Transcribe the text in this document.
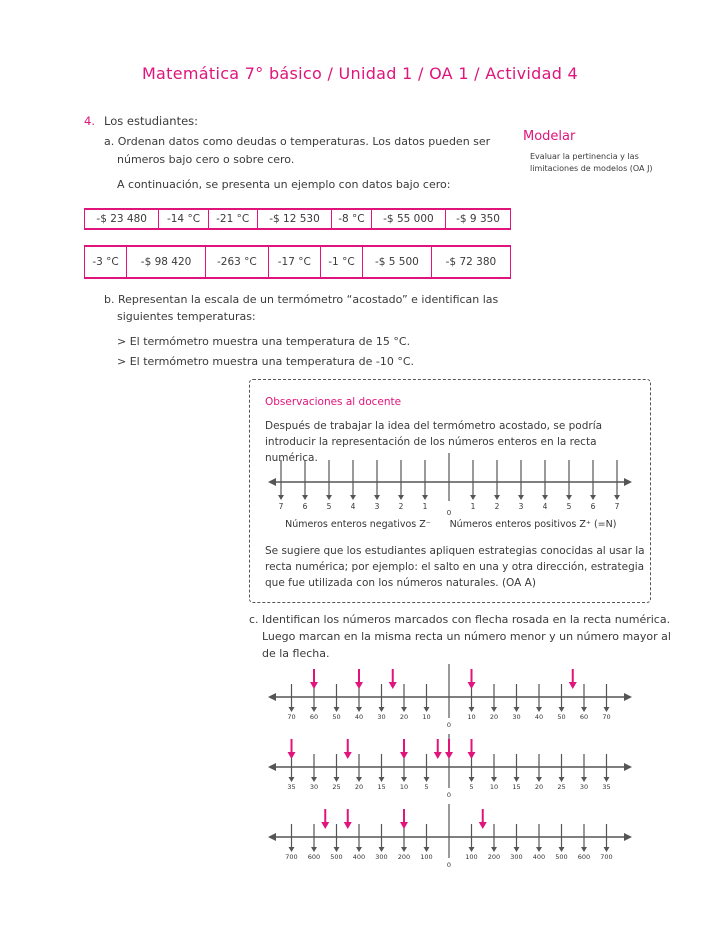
Matemática 7° básico / Unidad 1 / OA 1 / Actividad 4
4. Los estudiantes:
Modelar
Evaluar la pertinencia y las limitaciones de modelos (OA J)
a. Ordenan datos como deudas o temperaturas. Los datos pueden ser
números bajo cero o sobre cero.
A continuación, se presenta un ejemplo con datos bajo cero:
-$ 23 480	-14 °C	-21 °C	-$ 12 530	-8 °C	-$ 55 000	-$ 9 350
-3 °C	-$ 98 420	-263 °C	-17 °C	-1 °C	-$ 5 500	-$ 72 380
b. Representan la escala de un termómetro “acostado” e identifican las
siguientes temperaturas:
> El termómetro muestra una temperatura de 15 °C.
> El termómetro muestra una temperatura de -10 °C.
Observaciones al docente
Después de trabajar la idea del termómetro acostado, se podría introducir la representación de los números enteros en la recta numérica.
0
7	6	5	4	3	2	1	1	2	3	4	5	6	7
Números enteros negativos Z⁻ Números enteros positivos Z⁺ (=N)
Se sugiere que los estudiantes apliquen estrategias conocidas al usar la recta numérica; por ejemplo: el salto en una y otra dirección, estrategia que fue utilizada con los números naturales. (OA A)
c. Identifican los números marcados con flecha rosada en la recta numérica.
Luego marcan en la misma recta un número menor y un número mayor al
de la flecha.
0
70 60 50 40 30 20 10	10 20 30 40 50 60 70
0
35 30 25 20 15 10	5	5	10 15 20 25 30 35
0
700 600 500 400 300 200 100	100 200 300 400 500 600 700
